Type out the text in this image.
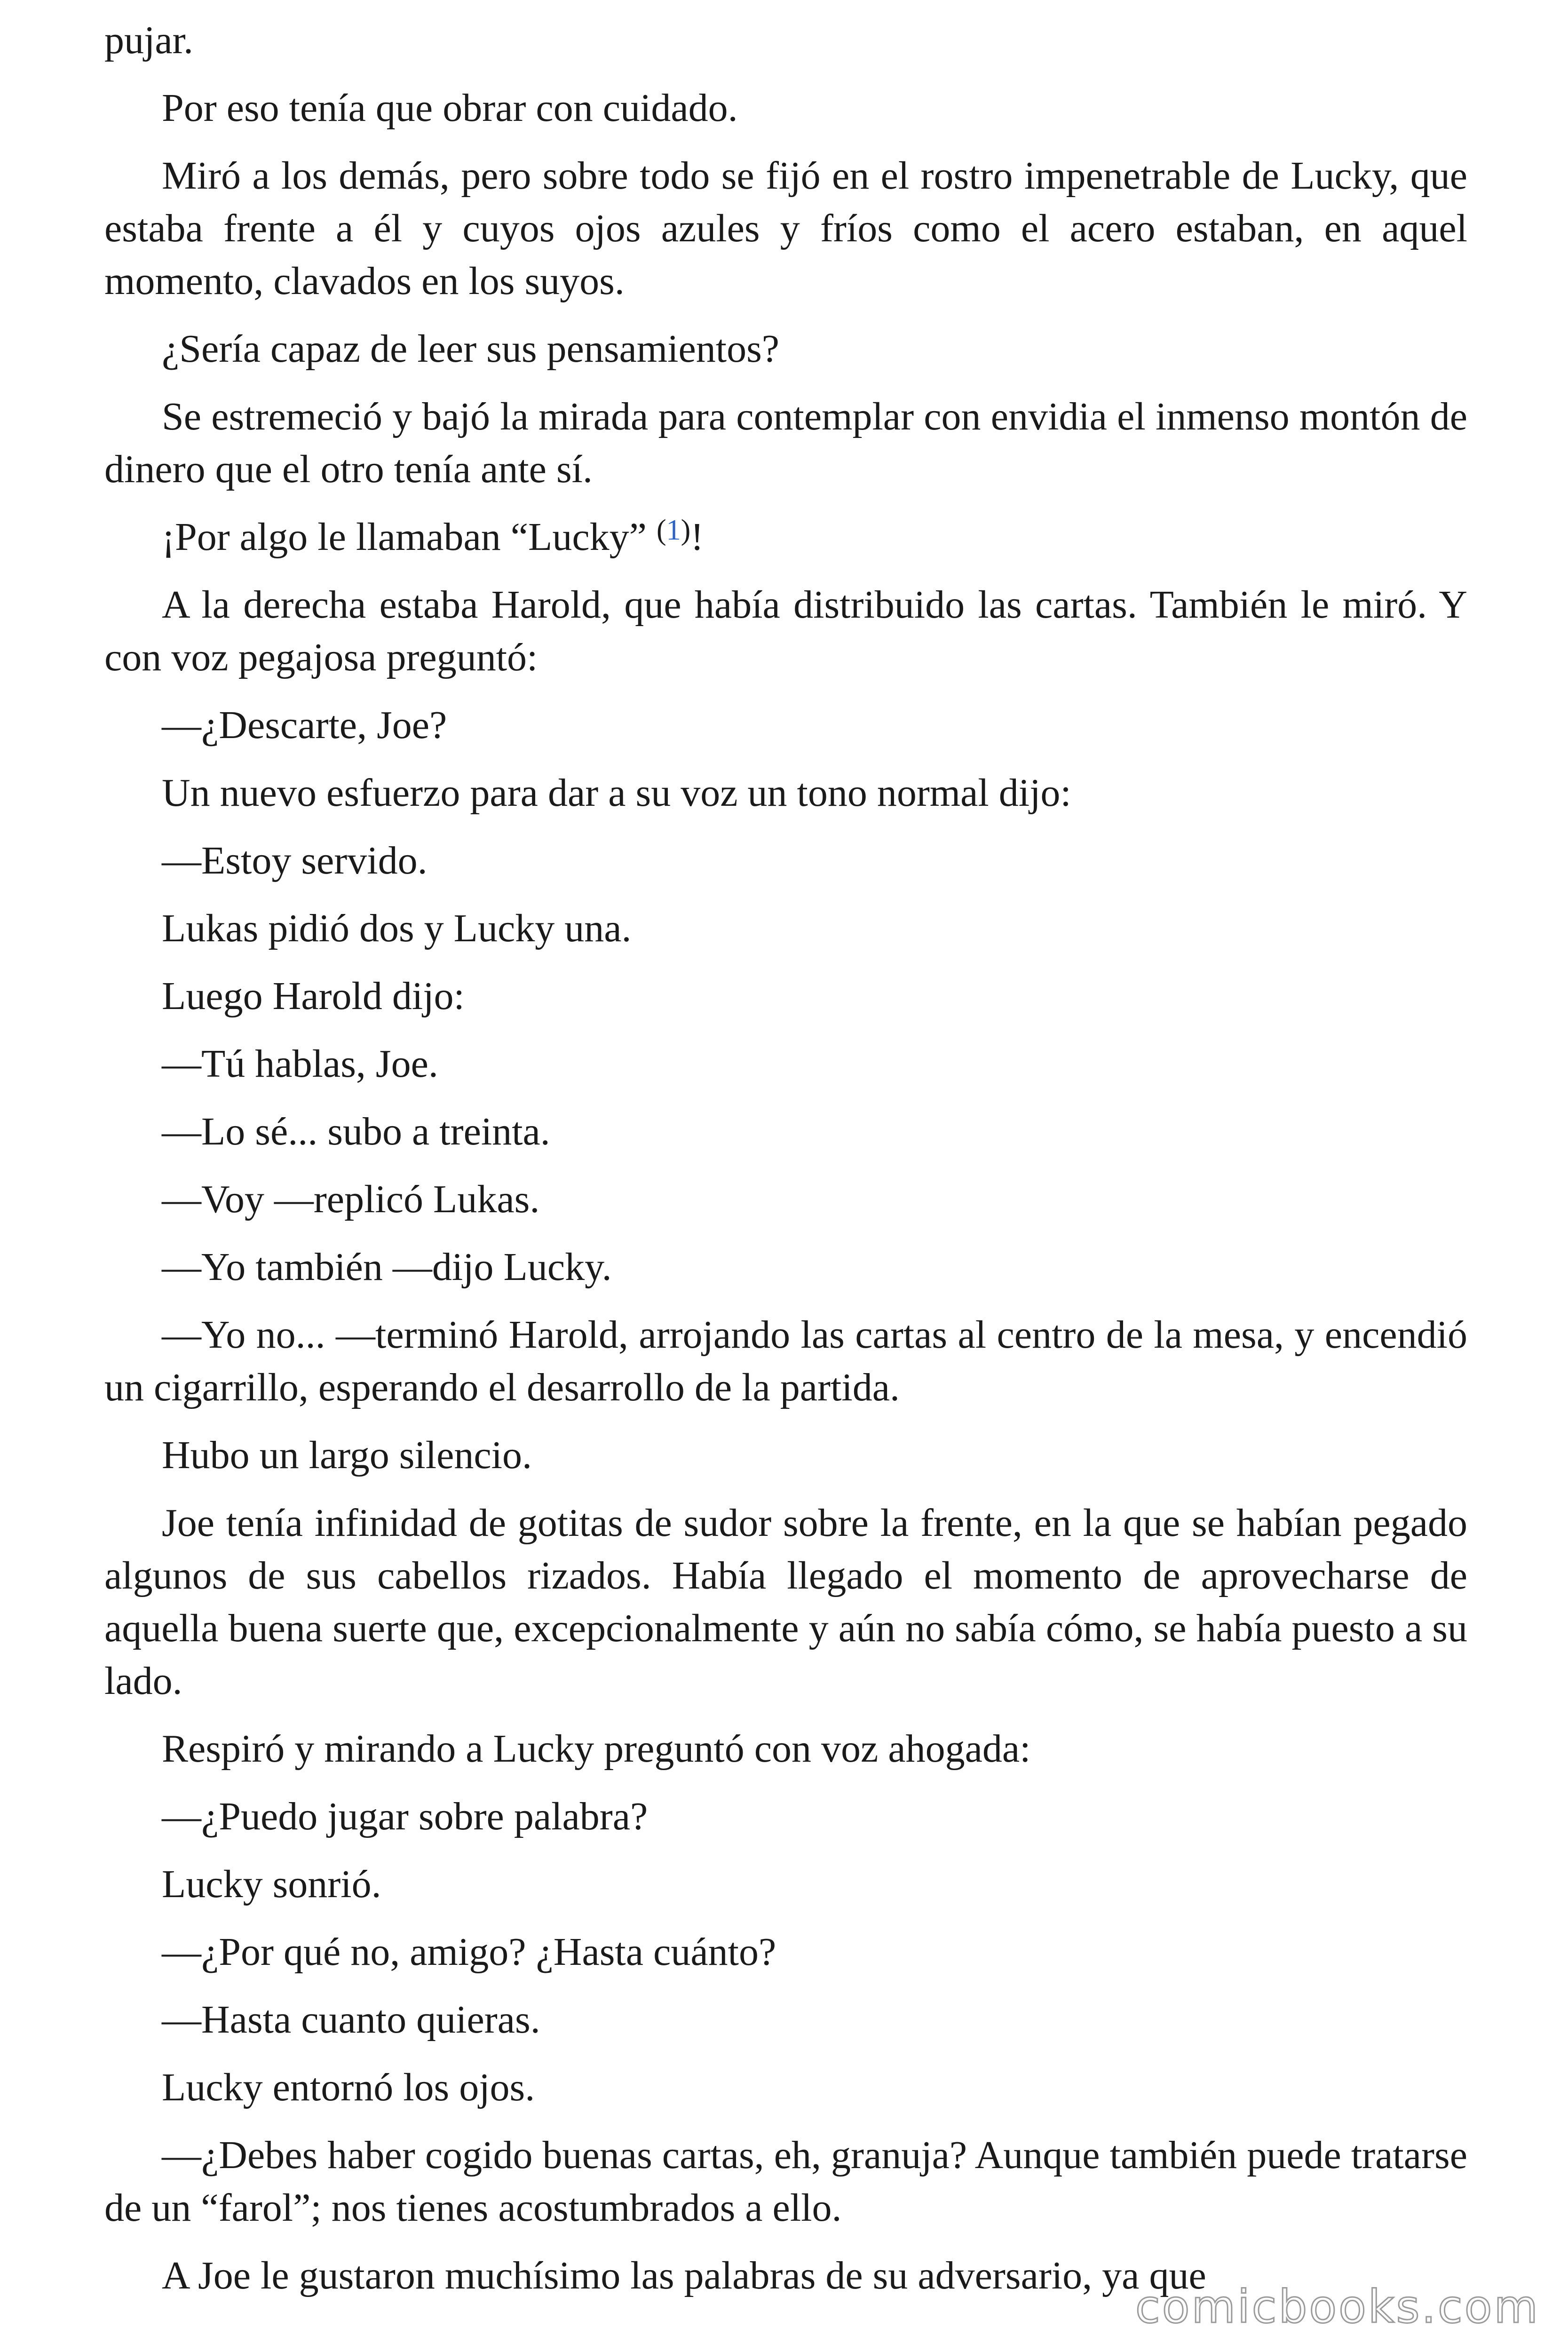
pujar.

Por eso tenía que obrar con cuidado.

Miró a los demás, pero sobre todo se fijó en el rostro impenetrable de Lucky, que estaba frente a él y cuyos ojos azules y fríos como el acero estaban, en aquel momento, clavados en los suyos.

¿Sería capaz de leer sus pensamientos?

Se estremeció y bajó la mirada para contemplar con envidia el inmenso montón de dinero que el otro tenía ante sí.

¡Por algo le llamaban “Lucky” $^{(1)}$!

A la derecha estaba Harold, que había distribuido las cartas. También le miró. Y con voz pegajosa preguntó:

—¿Descarte, Joe?

Un nuevo esfuerzo para dar a su voz un tono normal dijo:

—Estoy servido.

Lukas pidió dos y Lucky una.

Luego Harold dijo:

—Tú hablas, Joe.

—Lo sé... subo a treinta.

—Voy —replicó Lukas.

—Yo también —dijo Lucky.

—Yo no... —terminó Harold, arrojando las cartas al centro de la mesa, y encendió un cigarrillo, esperando el desarrollo de la partida.

Hubo un largo silencio.

Joe tenía infinidad de gotitas de sudor sobre la frente, en la que se habían pegado algunos de sus cabellos rizados. Había llegado el momento de aprovecharse de aquella buena suerte que, excepcionalmente y aún no sabía cómo, se había puesto a su lado.

Respiró y mirando a Lucky preguntó con voz ahogada:

—¿Puedo jugar sobre palabra?

Lucky sonrió.

—¿Por qué no, amigo? ¿Hasta cuánto?

—Hasta cuanto quieras.

Lucky entornó los ojos.

—¿Debes haber cogido buenas cartas, eh, granuja? Aunque también puede tratarse de un “farol”; nos tienes acostumbrados a ello.

A Joe le gustaron muchísimo las palabras de su adversario, ya que

comicbooks.com
